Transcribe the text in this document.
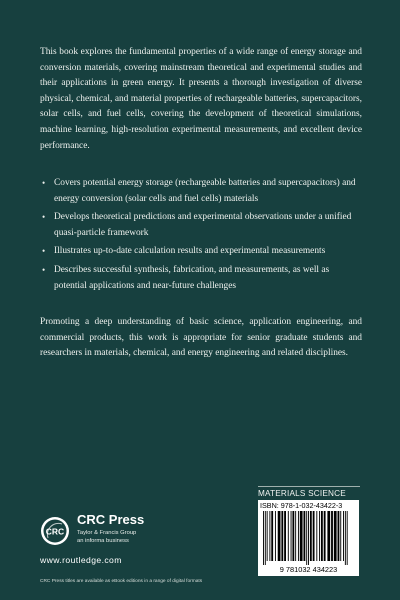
This book explores the fundamental properties of a wide range of energy storage and conversion materials, covering mainstream theoretical and experimental studies and their applications in green energy. It presents a thorough investigation of diverse physical, chemical, and material properties of rechargeable batteries, supercapacitors, solar cells, and fuel cells, covering the development of theoretical simulations, machine learning, high-resolution experimental measurements, and excellent device performance.

• Covers potential energy storage (rechargeable batteries and supercapacitors) and energy conversion (solar cells and fuel cells) materials
• Develops theoretical predictions and experimental observations under a unified quasi-particle framework
• Illustrates up-to-date calculation results and experimental measurements
• Describes successful synthesis, fabrication, and measurements, as well as potential applications and near-future challenges

Promoting a deep understanding of basic science, application engineering, and commercial products, this work is appropriate for senior graduate students and researchers in materials, chemical, and energy engineering and related disciplines.

MATERIALS SCIENCE
ISBN: 978-1-032-43422-3
9 781032 434223
CRC
CRC Press
Taylor & Francis Group
an informa business
www.routledge.com
CRC Press titles are available as eBook editions in a range of digital formats
